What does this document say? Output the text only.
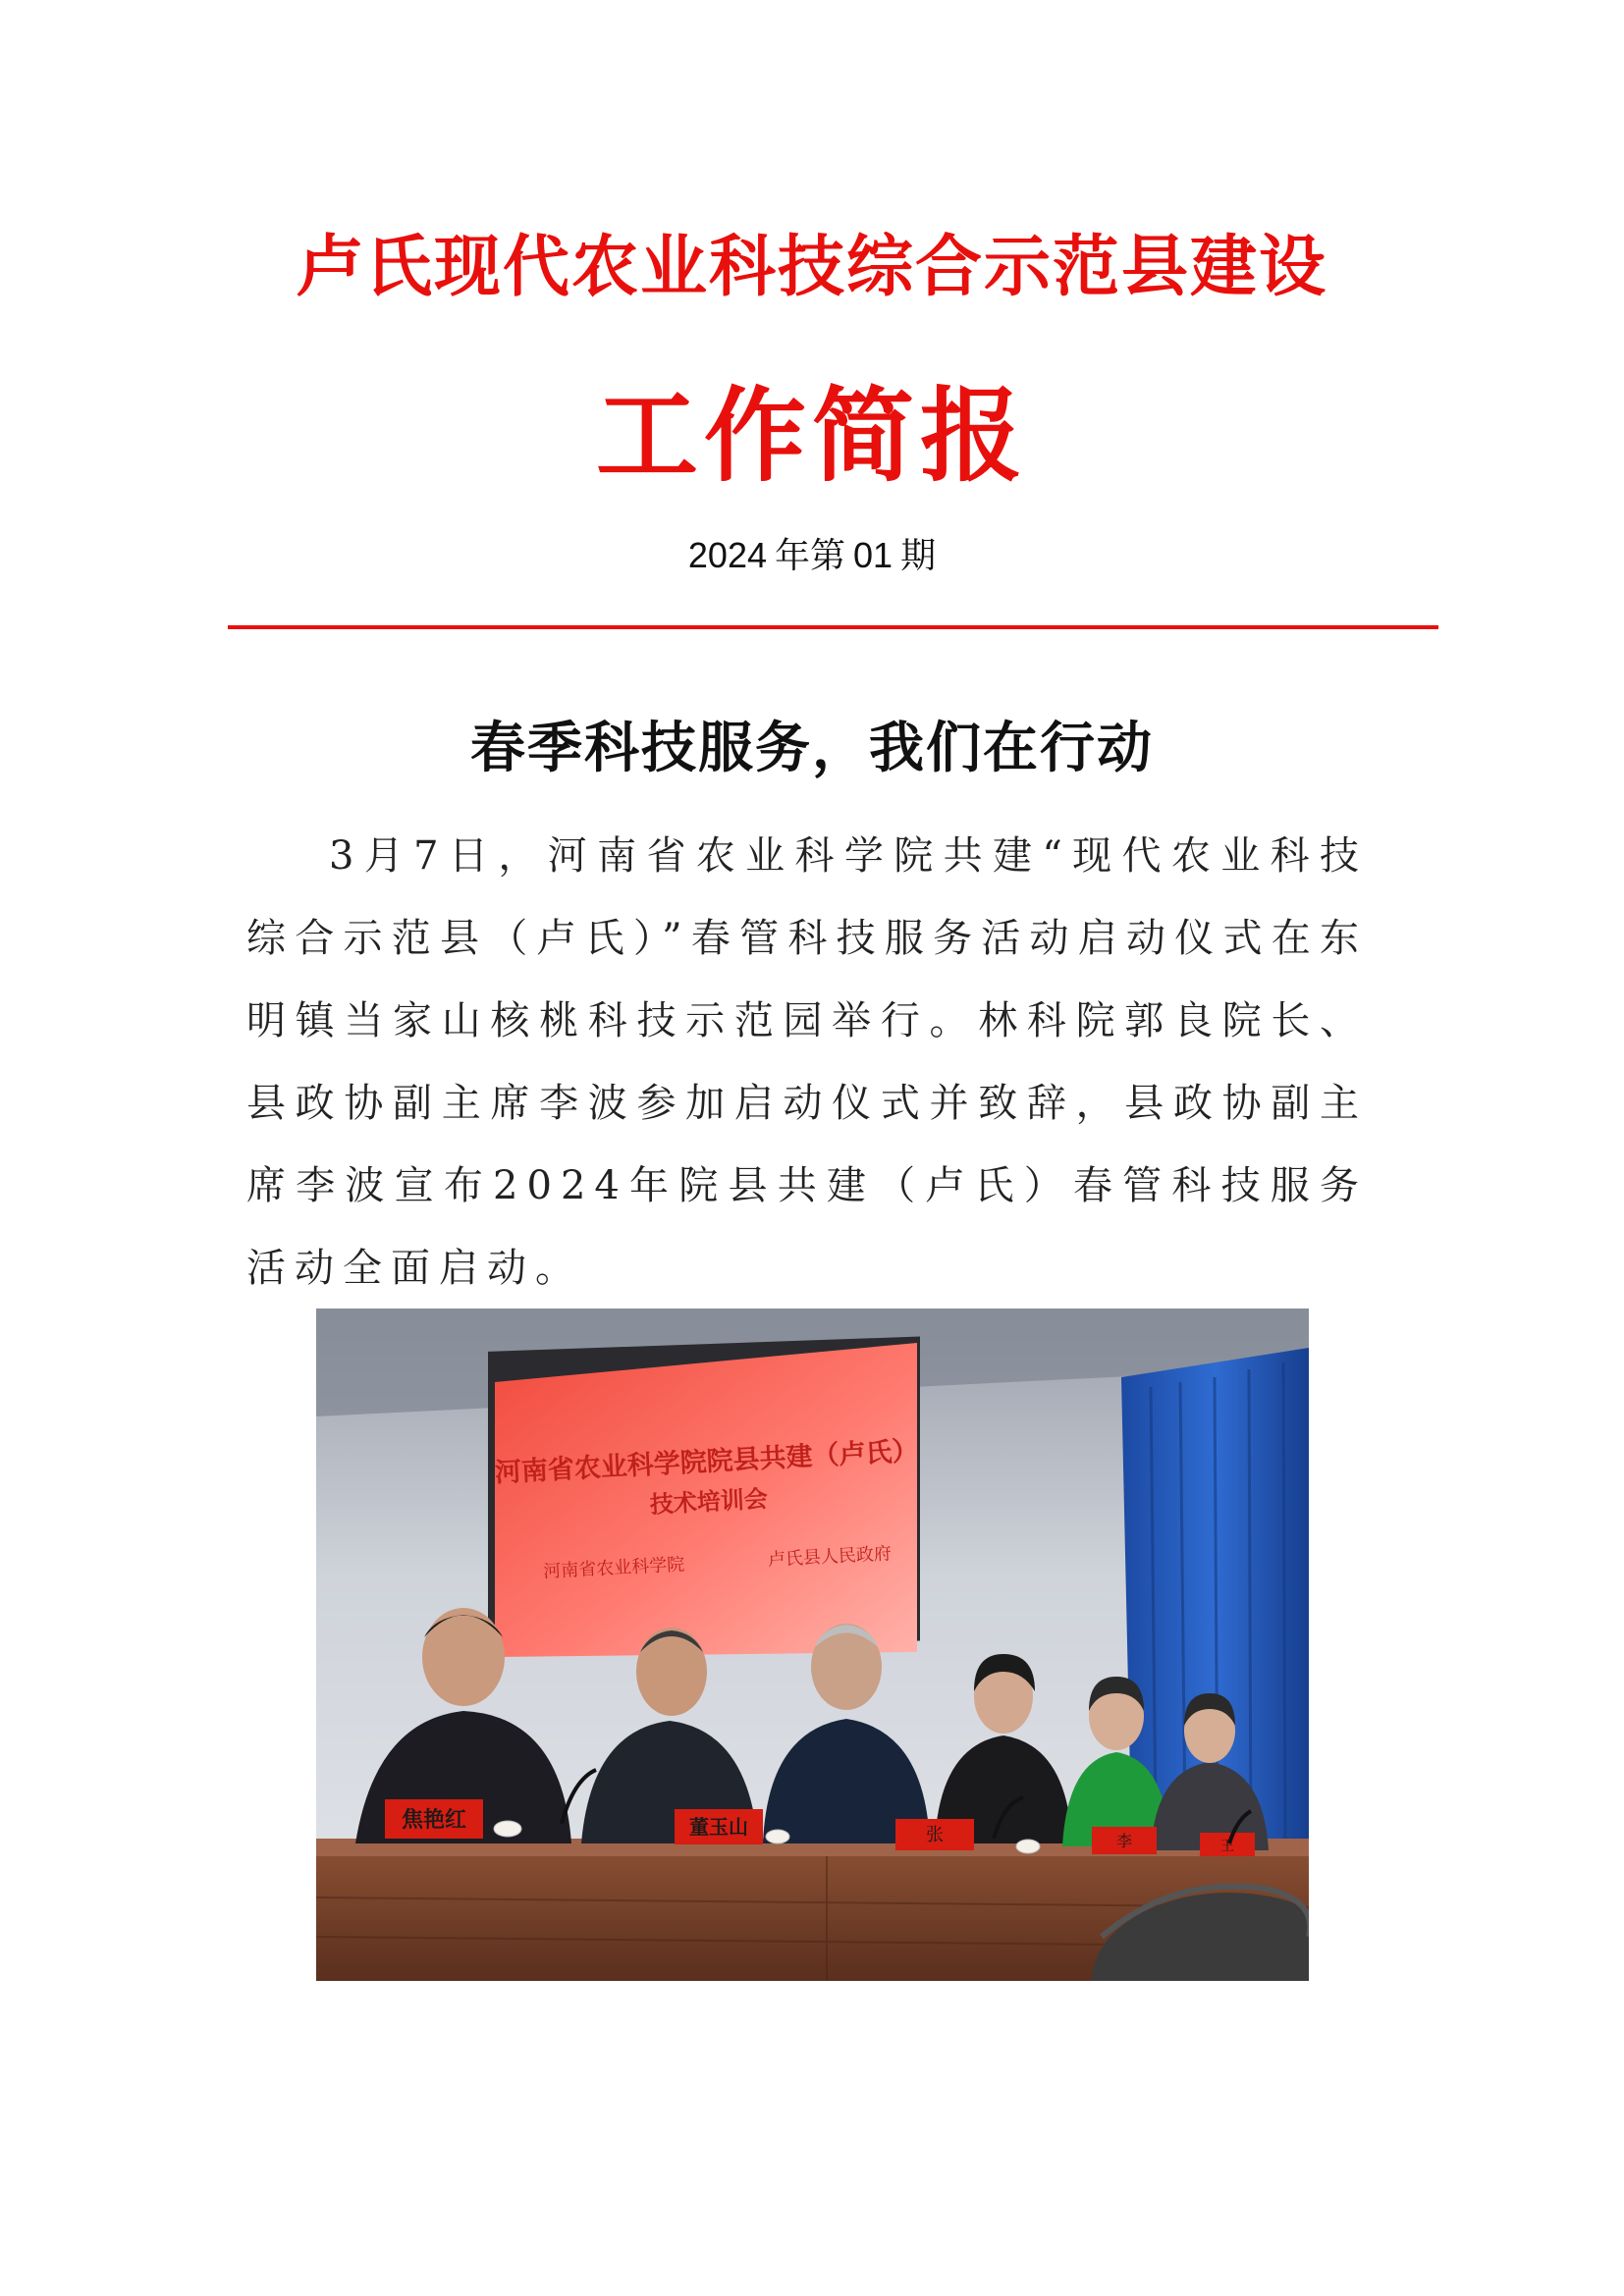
卢氏现代农业科技综合示范县建设
工作简报
2024 年第 01 期
春季科技服务，我们在行动

3月7日，河南省农业科学院共建“现代农业科技综合示范县（卢氏）”春管科技服务活动启动仪式在东明镇当家山核桃科技示范园举行。林科院郭良院长、县政协副主席李波参加启动仪式并致辞，县政协副主席李波宣布2024年院县共建（卢氏）春管科技服务活动全面启动。

河南省农业科学院院县共建（卢氏）
技术培训会
河南省农业科学院	卢氏县人民政府
焦艳红	董玉山	张	李	王
